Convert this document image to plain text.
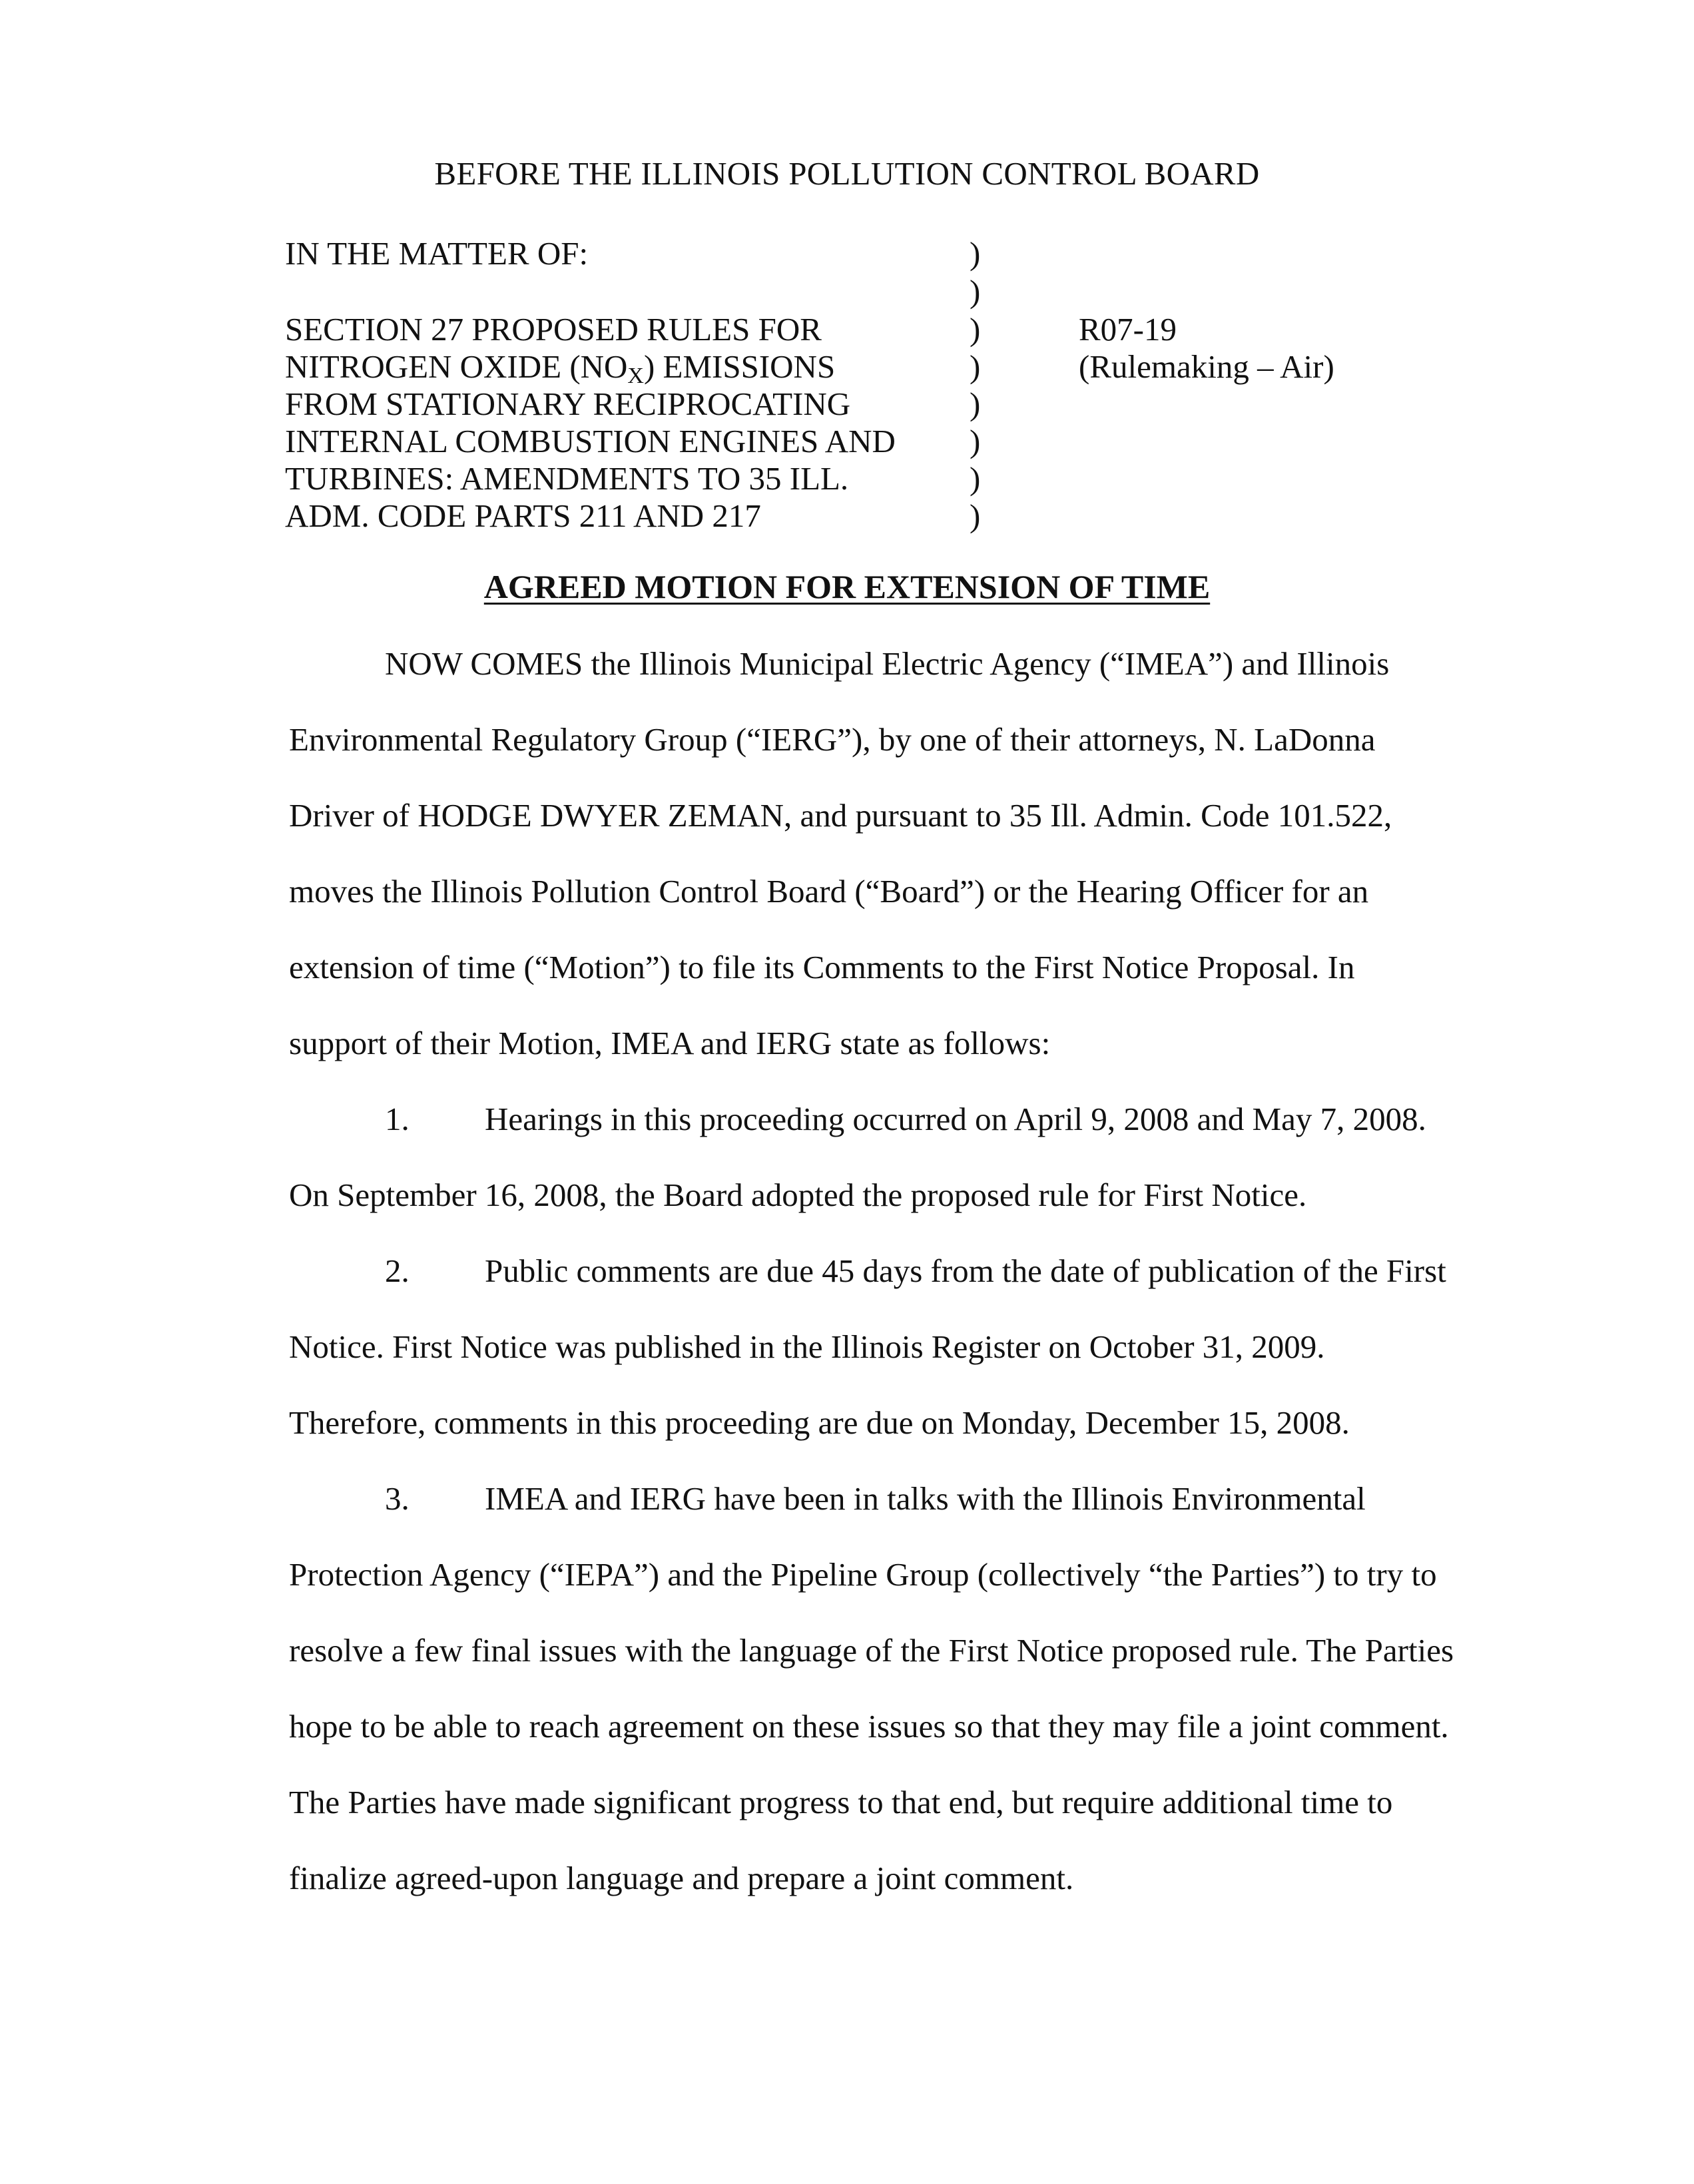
BEFORE THE ILLINOIS POLLUTION CONTROL BOARD
IN THE MATTER OF:
SECTION 27 PROPOSED RULES FOR
NITROGEN OXIDE $(NO_X)$ EMISSIONS
FROM STATIONARY RECIPROCATING
INTERNAL COMBUSTION ENGINES AND
TURBINES: AMENDMENTS TO 35 ILL.
ADM. CODE PARTS 211 AND 217
)
)
)
)
)
)
)
)
R07-19
(Rulemaking – Air)
AGREED MOTION FOR EXTENSION OF TIME
NOW COMES the Illinois Municipal Electric Agency (“IMEA”) and Illinois
Environmental Regulatory Group (“IERG”), by one of their attorneys, N. LaDonna
Driver of HODGE DWYER ZEMAN, and pursuant to 35 Ill. Admin. Code 101.522,
moves the Illinois Pollution Control Board (“Board”) or the Hearing Officer for an
extension of time (“Motion”) to file its Comments to the First Notice Proposal. In
support of their Motion, IMEA and IERG state as follows:
1. Hearings in this proceeding occurred on April 9, 2008 and May 7, 2008.
On September 16, 2008, the Board adopted the proposed rule for First Notice.
2. Public comments are due 45 days from the date of publication of the First
Notice. First Notice was published in the Illinois Register on October 31, 2009.
Therefore, comments in this proceeding are due on Monday, December 15, 2008.
3. IMEA and IERG have been in talks with the Illinois Environmental
Protection Agency (“IEPA”) and the Pipeline Group (collectively “the Parties”) to try to
resolve a few final issues with the language of the First Notice proposed rule. The Parties
hope to be able to reach agreement on these issues so that they may file a joint comment.
The Parties have made significant progress to that end, but require additional time to
finalize agreed-upon language and prepare a joint comment.
